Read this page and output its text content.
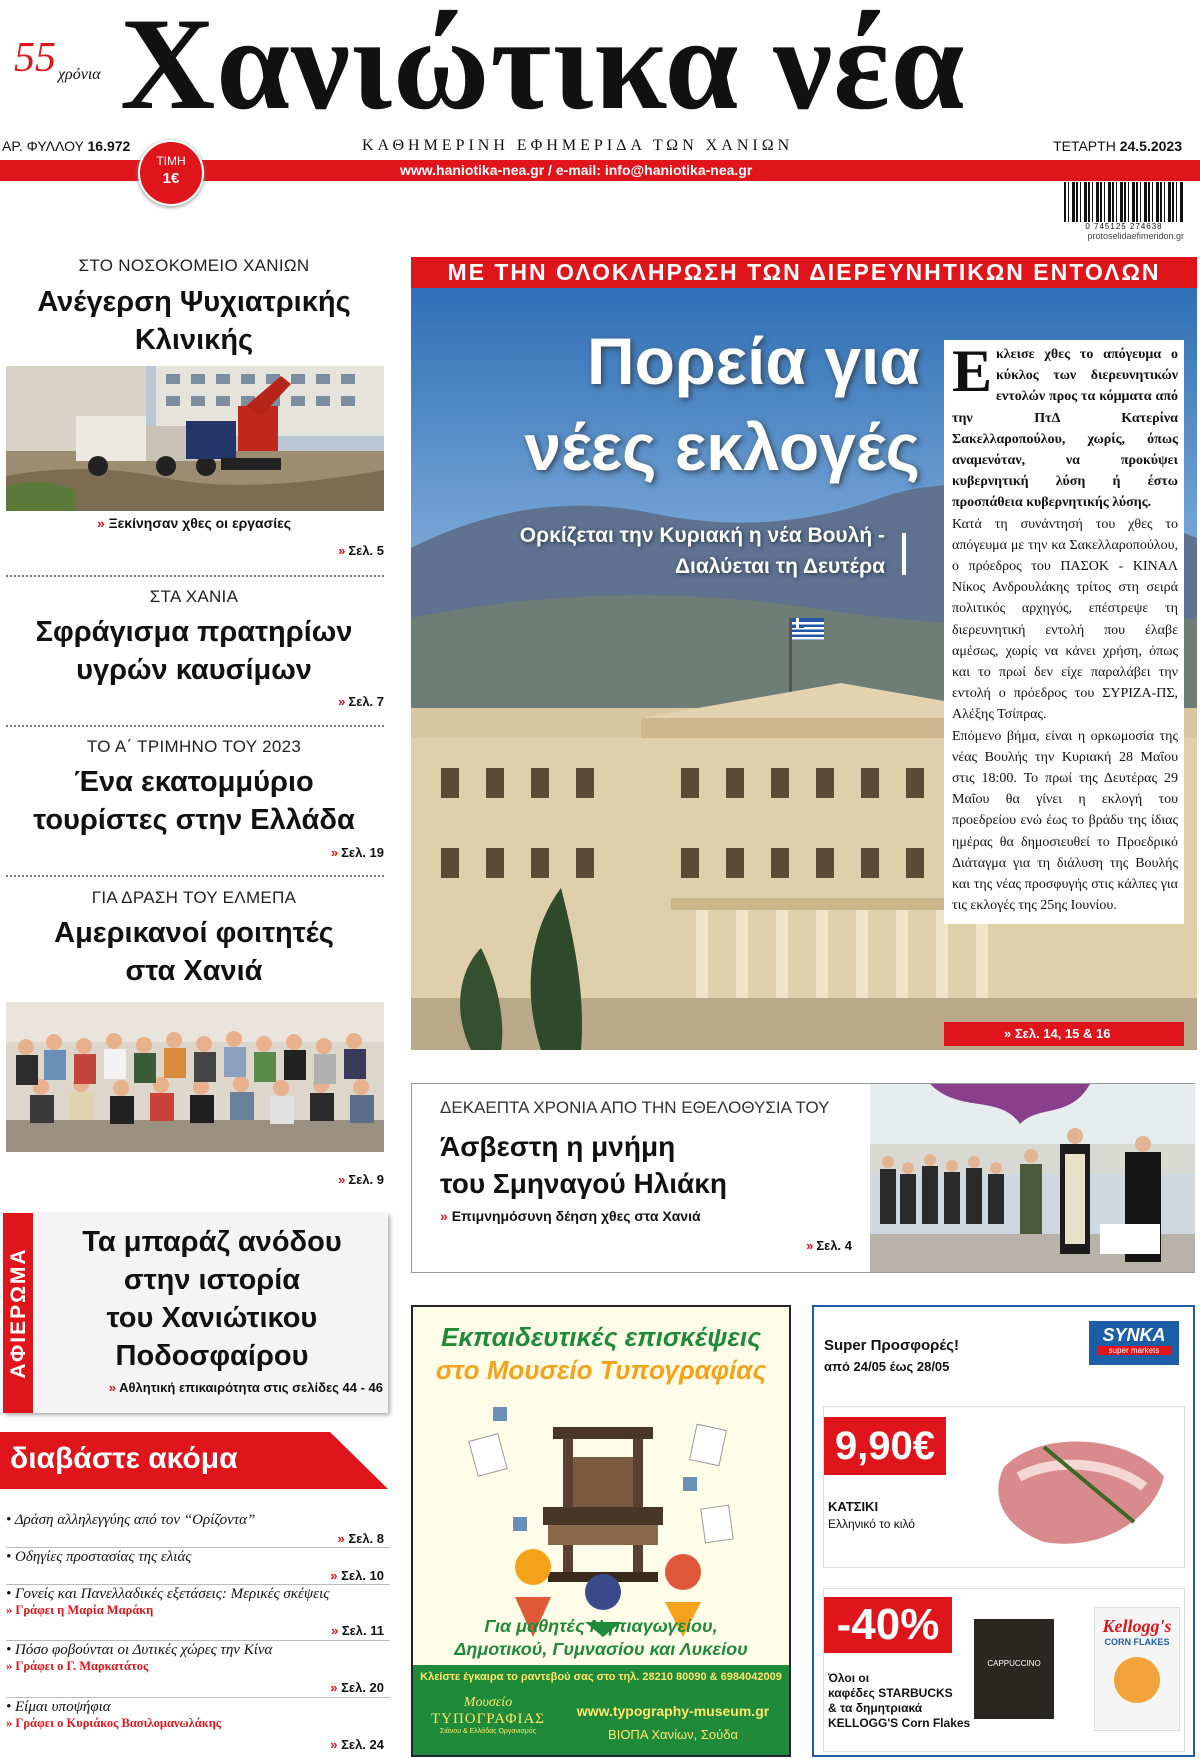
55 χρόνια Χανιώτικα νέα
ΑΡ. ΦΥΛΛΟΥ 16.972	ΚΑΘΗΜΕΡΙΝΗ ΕΦΗΜΕΡΙΔΑ ΤΩΝ ΧΑΝΙΩΝ	ΤΕΤΑΡΤΗ 24.5.2023
www.haniotika-nea.gr / e-mail: info@haniotika-nea.gr
ΤΙΜΗ
1€
0 745125 274638
protoselidaefimeridon.gr
ΣΤΟ ΝΟΣΟΚΟΜΕΙΟ ΧΑΝΙΩΝ
Ανέγερση Ψυχιατρικής
Κλινικής
» Ξεκίνησαν χθες οι εργασίες
» Σελ. 5
ΣΤΑ ΧΑΝΙΑ
Σφράγισμα πρατηρίων
υγρών καυσίμων
» Σελ. 7
ΤΟ Α΄ ΤΡΙΜΗΝΟ ΤΟΥ 2023
Ένα εκατομμύριο
τουρίστες στην Ελλάδα
» Σελ. 19
ΓΙΑ ΔΡΑΣΗ ΤΟΥ ΕΛΜΕΠΑ
Αμερικανοί φοιτητές
στα Χανιά
» Σελ. 9
ΑΦΙΕΡΩΜΑ
Τα μπαράζ ανόδου
στην ιστορία
του Χανιώτικου
Ποδοσφαίρου
» Αθλητική επικαιρότητα στις σελίδες 44 - 46
διαβάστε ακόμα
• Δράση αλληλεγγύης από τον “Ορίζοντα”
» Σελ. 8
• Οδηγίες προστασίας της ελιάς
» Σελ. 10
• Γονείς και Πανελλαδικές εξετάσεις: Μερικές σκέψεις
» Γράφει η Μαρία Μαράκη
» Σελ. 11
• Πόσο φοβούνται οι Δυτικές χώρες την Κίνα
» Γράφει ο Γ. Μαρκατάτος
» Σελ. 20
• Είμαι υποψήφια
» Γράφει ο Κυριάκος Βασιλομανωλάκης
» Σελ. 24
ΜΕ ΤΗΝ ΟΛΟΚΛΗΡΩΣΗ ΤΩΝ ΔΙΕΡΕΥΝΗΤΙΚΩΝ ΕΝΤΟΛΩΝ
Πορεία για
νέες εκλογές
Ορκίζεται την Κυριακή η νέα Βουλή -
Διαλύεται τη Δευτέρα
Εκλεισε χθες το απόγευμα ο κύκλος των διερευνητικών εντολών προς τα κόμματα από την ΠτΔ Κατερίνα Σακελλαροπούλου, χωρίς, όπως αναμενόταν, να προκύψει κυβερνητική λύση ή έστω προσπάθεια κυβερνητικής λύσης.
Κατά τη συνάντησή του χθες το απόγευμα με την κα Σακελλαροπούλου, ο πρόεδρος του ΠΑΣΟΚ - ΚΙΝΑΛ Νίκος Ανδρουλάκης τρίτος στη σειρά πολιτικός αρχηγός, επέστρεψε τη διερευνητική εντολή που έλαβε αμέσως, χωρίς να κάνει χρήση, όπως και το πρωί δεν είχε παραλάβει την εντολή ο πρόεδρος του ΣΥΡΙΖΑ-ΠΣ, Αλέξης Τσίπρας.
Επόμενο βήμα, είναι η ορκωμοσία της νέας Βουλής την Κυριακή 28 Μαΐου στις 18:00. Το πρωί της Δευτέρας 29 Μαΐου θα γίνει η εκλογή του προεδρείου ενώ έως το βράδυ της ίδιας ημέρας θα δημοσιευθεί το Προεδρικό Διάταγμα για τη διάλυση της Βουλής και της νέας προσφυγής στις κάλπες για τις εκλογές της 25ης Ιουνίου.
» Σελ. 14, 15 & 16
ΔΕΚΑΕΠΤΑ ΧΡΟΝΙΑ ΑΠΟ ΤΗΝ ΕΘΕΛΟΘΥΣΙΑ ΤΟΥ
Άσβεστη η μνήμη
του Σμηναγού Ηλιάκη
» Επιμνημόσυνη δέηση χθες στα Χανιά
» Σελ. 4
Εκπαιδευτικές επισκέψεις
στο Μουσείο Τυπογραφίας
Για μαθητές Νηπιαγωγείου,
Δημοτικού, Γυμνασίου και Λυκείου
Κλείστε έγκαιρα το ραντεβού σας στο τηλ. 28210 80090 & 6984042009
Μουσείο
ΤΥΠΟΓΡΑΦΙΑΣ
Σιάνου & Ελλάδας Οργανισμός
www.typography-museum.gr
ΒΙΟΠΑ Χανίων, Σούδα
Super Προσφορές!
από 24/05 έως 28/05
SYNKA
super markets
9,90€
ΚΑΤΣΙΚΙ
Ελληνικό το κιλό
-40%
Όλοι οι
καφέδες STARBUCKS
& τα δημητριακά
KELLOGG'S Corn Flakes
CAPPUCCINO
Kellogg's
CORN FLAKES
